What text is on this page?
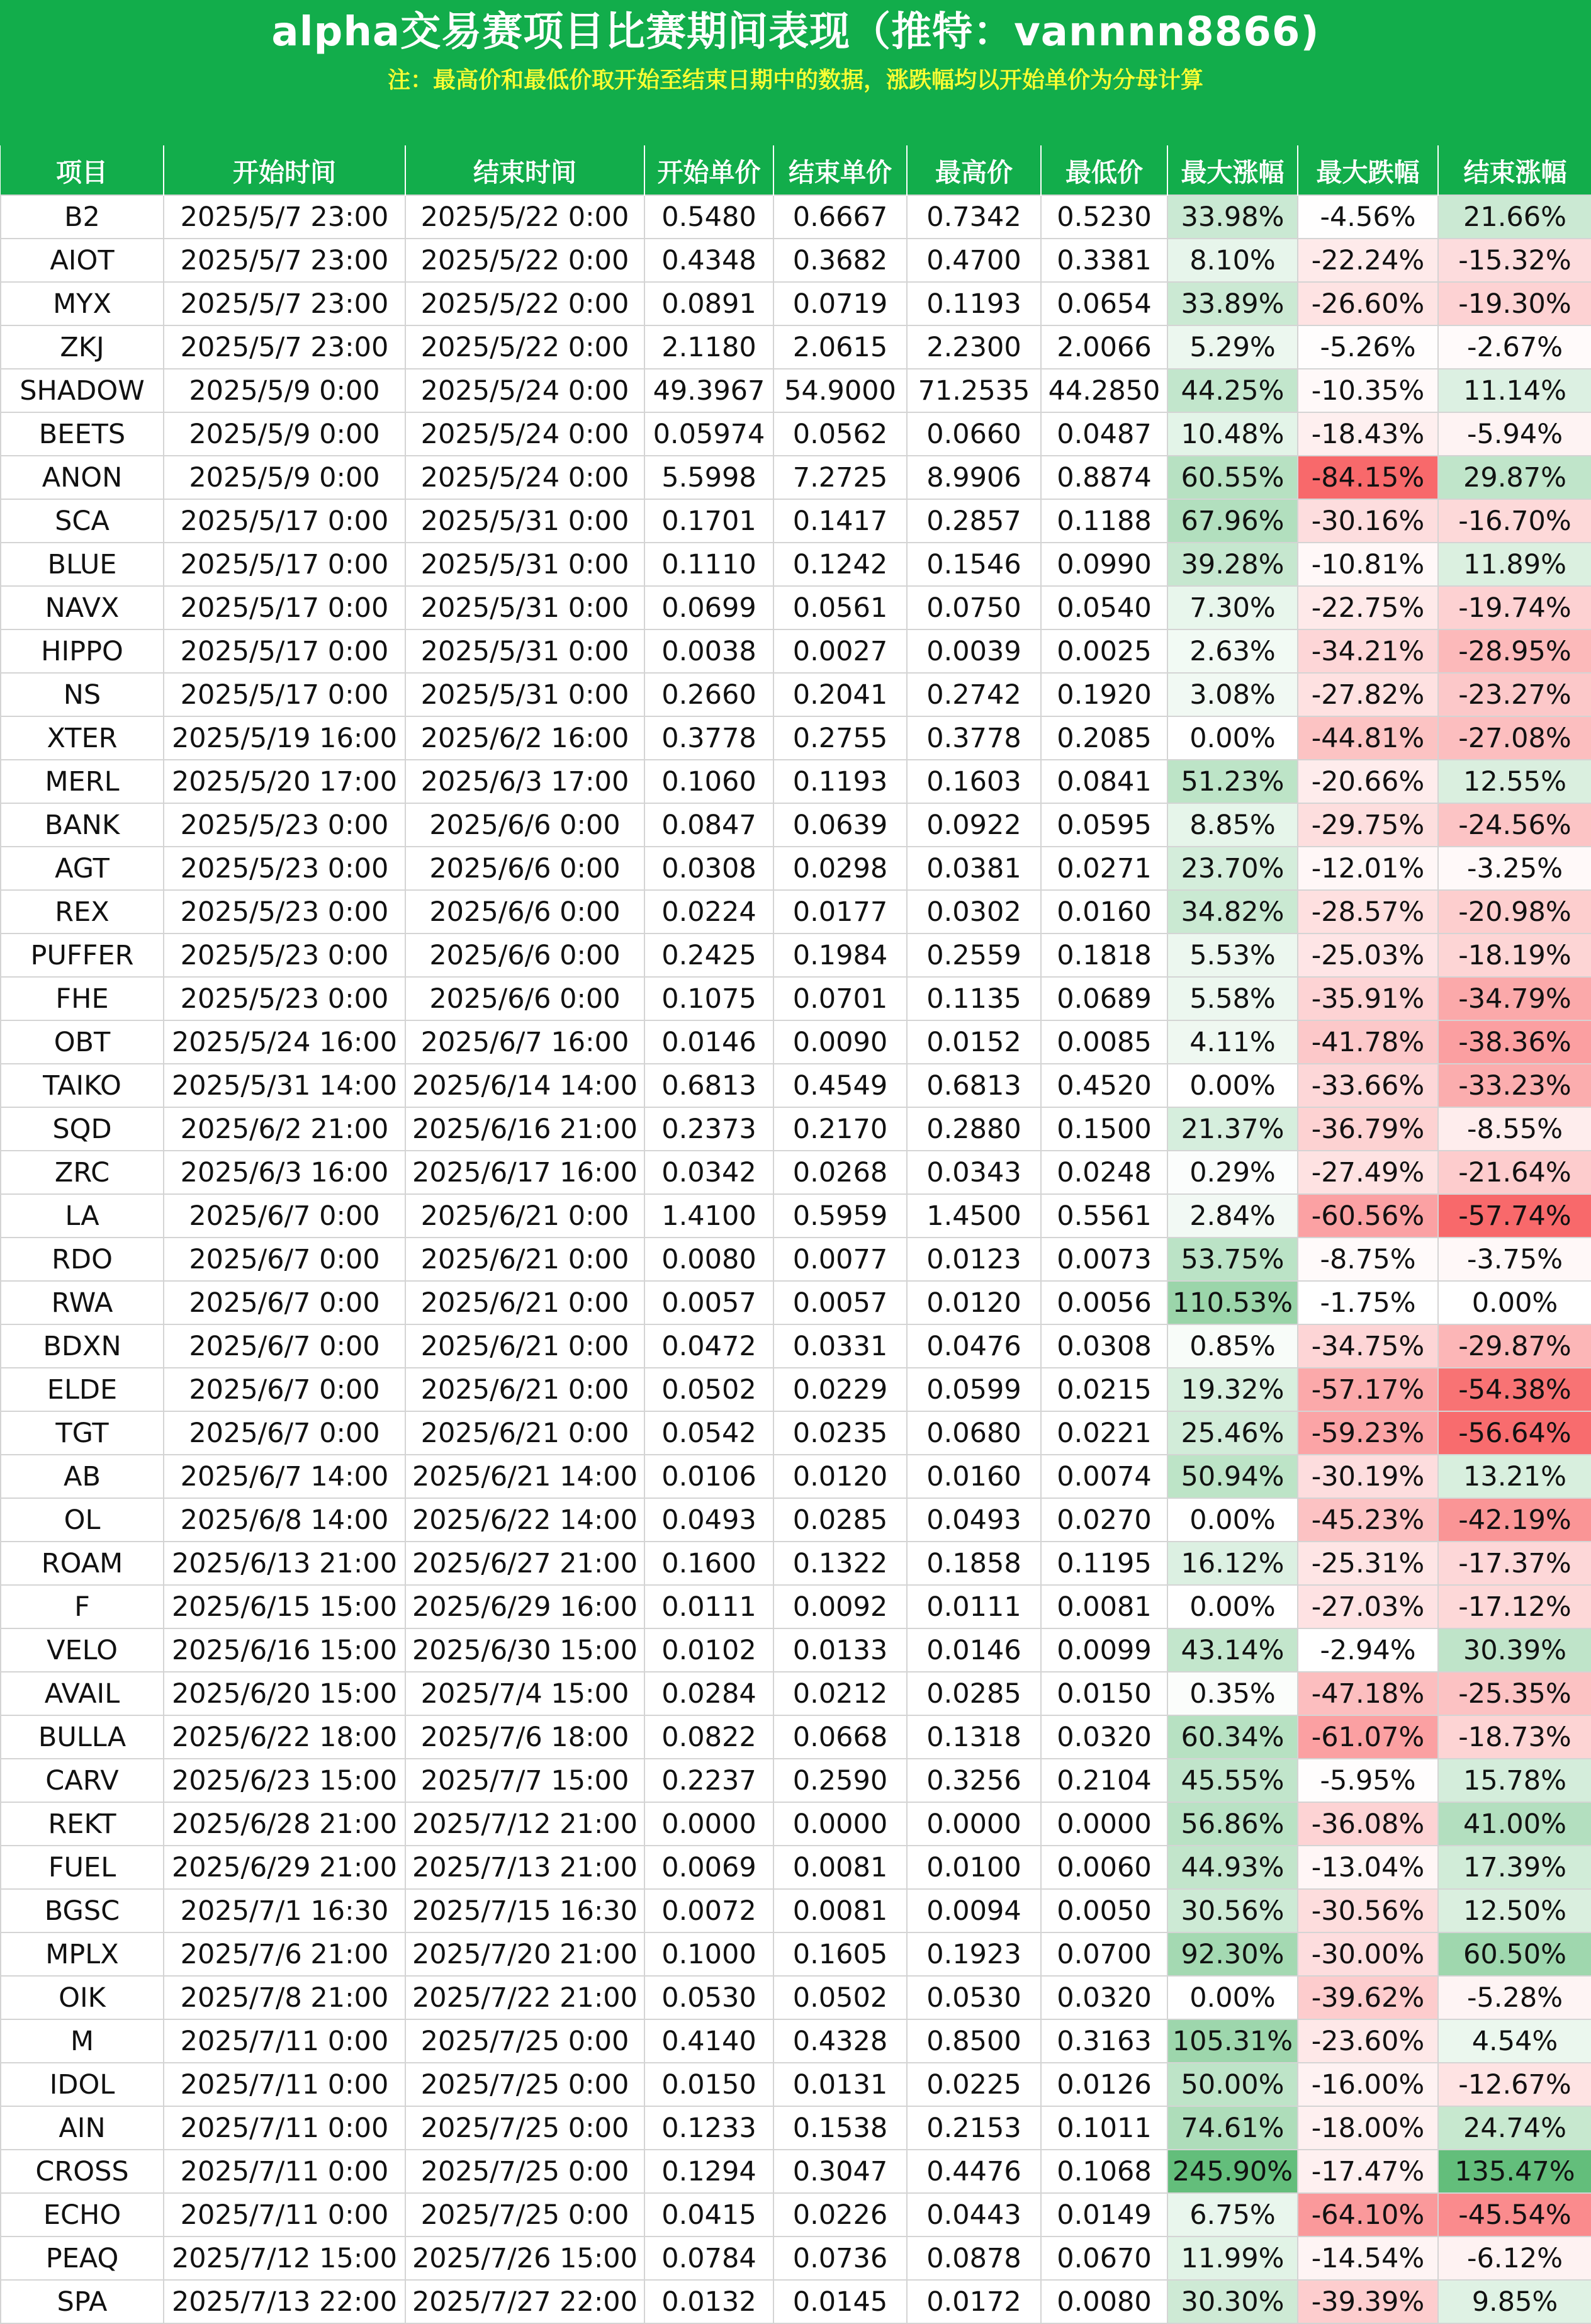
alpha交易赛项目比赛期间表现（推特：vannnn8866)
注：最高价和最低价取开始至结束日期中的数据，涨跌幅均以开始单价为分母计算
项目	开始时间	结束时间	开始单价	结束单价	最高价	最低价	最大涨幅	最大跌幅	结束涨幅
B2	2025/5/7 23:00	2025/5/22 0:00	0.5480	0.6667	0.7342	0.5230	33.98%	-4.56%	21.66%
AIOT	2025/5/7 23:00	2025/5/22 0:00	0.4348	0.3682	0.4700	0.3381	8.10%	-22.24%	-15.32%
MYX	2025/5/7 23:00	2025/5/22 0:00	0.0891	0.0719	0.1193	0.0654	33.89%	-26.60%	-19.30%
ZKJ	2025/5/7 23:00	2025/5/22 0:00	2.1180	2.0615	2.2300	2.0066	5.29%	-5.26%	-2.67%
SHADOW	2025/5/9 0:00	2025/5/24 0:00	49.3967	54.9000	71.2535	44.2850	44.25%	-10.35%	11.14%
BEETS	2025/5/9 0:00	2025/5/24 0:00	0.05974	0.0562	0.0660	0.0487	10.48%	-18.43%	-5.94%
ANON	2025/5/9 0:00	2025/5/24 0:00	5.5998	7.2725	8.9906	0.8874	60.55%	-84.15%	29.87%
SCA	2025/5/17 0:00	2025/5/31 0:00	0.1701	0.1417	0.2857	0.1188	67.96%	-30.16%	-16.70%
BLUE	2025/5/17 0:00	2025/5/31 0:00	0.1110	0.1242	0.1546	0.0990	39.28%	-10.81%	11.89%
NAVX	2025/5/17 0:00	2025/5/31 0:00	0.0699	0.0561	0.0750	0.0540	7.30%	-22.75%	-19.74%
HIPPO	2025/5/17 0:00	2025/5/31 0:00	0.0038	0.0027	0.0039	0.0025	2.63%	-34.21%	-28.95%
NS	2025/5/17 0:00	2025/5/31 0:00	0.2660	0.2041	0.2742	0.1920	3.08%	-27.82%	-23.27%
XTER	2025/5/19 16:00	2025/6/2 16:00	0.3778	0.2755	0.3778	0.2085	0.00%	-44.81%	-27.08%
MERL	2025/5/20 17:00	2025/6/3 17:00	0.1060	0.1193	0.1603	0.0841	51.23%	-20.66%	12.55%
BANK	2025/5/23 0:00	2025/6/6 0:00	0.0847	0.0639	0.0922	0.0595	8.85%	-29.75%	-24.56%
AGT	2025/5/23 0:00	2025/6/6 0:00	0.0308	0.0298	0.0381	0.0271	23.70%	-12.01%	-3.25%
REX	2025/5/23 0:00	2025/6/6 0:00	0.0224	0.0177	0.0302	0.0160	34.82%	-28.57%	-20.98%
PUFFER	2025/5/23 0:00	2025/6/6 0:00	0.2425	0.1984	0.2559	0.1818	5.53%	-25.03%	-18.19%
FHE	2025/5/23 0:00	2025/6/6 0:00	0.1075	0.0701	0.1135	0.0689	5.58%	-35.91%	-34.79%
OBT	2025/5/24 16:00	2025/6/7 16:00	0.0146	0.0090	0.0152	0.0085	4.11%	-41.78%	-38.36%
TAIKO	2025/5/31 14:00	2025/6/14 14:00	0.6813	0.4549	0.6813	0.4520	0.00%	-33.66%	-33.23%
SQD	2025/6/2 21:00	2025/6/16 21:00	0.2373	0.2170	0.2880	0.1500	21.37%	-36.79%	-8.55%
ZRC	2025/6/3 16:00	2025/6/17 16:00	0.0342	0.0268	0.0343	0.0248	0.29%	-27.49%	-21.64%
LA	2025/6/7 0:00	2025/6/21 0:00	1.4100	0.5959	1.4500	0.5561	2.84%	-60.56%	-57.74%
RDO	2025/6/7 0:00	2025/6/21 0:00	0.0080	0.0077	0.0123	0.0073	53.75%	-8.75%	-3.75%
RWA	2025/6/7 0:00	2025/6/21 0:00	0.0057	0.0057	0.0120	0.0056	110.53%	-1.75%	0.00%
BDXN	2025/6/7 0:00	2025/6/21 0:00	0.0472	0.0331	0.0476	0.0308	0.85%	-34.75%	-29.87%
ELDE	2025/6/7 0:00	2025/6/21 0:00	0.0502	0.0229	0.0599	0.0215	19.32%	-57.17%	-54.38%
TGT	2025/6/7 0:00	2025/6/21 0:00	0.0542	0.0235	0.0680	0.0221	25.46%	-59.23%	-56.64%
AB	2025/6/7 14:00	2025/6/21 14:00	0.0106	0.0120	0.0160	0.0074	50.94%	-30.19%	13.21%
OL	2025/6/8 14:00	2025/6/22 14:00	0.0493	0.0285	0.0493	0.0270	0.00%	-45.23%	-42.19%
ROAM	2025/6/13 21:00	2025/6/27 21:00	0.1600	0.1322	0.1858	0.1195	16.12%	-25.31%	-17.37%
F	2025/6/15 15:00	2025/6/29 16:00	0.0111	0.0092	0.0111	0.0081	0.00%	-27.03%	-17.12%
VELO	2025/6/16 15:00	2025/6/30 15:00	0.0102	0.0133	0.0146	0.0099	43.14%	-2.94%	30.39%
AVAIL	2025/6/20 15:00	2025/7/4 15:00	0.0284	0.0212	0.0285	0.0150	0.35%	-47.18%	-25.35%
BULLA	2025/6/22 18:00	2025/7/6 18:00	0.0822	0.0668	0.1318	0.0320	60.34%	-61.07%	-18.73%
CARV	2025/6/23 15:00	2025/7/7 15:00	0.2237	0.2590	0.3256	0.2104	45.55%	-5.95%	15.78%
REKT	2025/6/28 21:00	2025/7/12 21:00	0.0000	0.0000	0.0000	0.0000	56.86%	-36.08%	41.00%
FUEL	2025/6/29 21:00	2025/7/13 21:00	0.0069	0.0081	0.0100	0.0060	44.93%	-13.04%	17.39%
BGSC	2025/7/1 16:30	2025/7/15 16:30	0.0072	0.0081	0.0094	0.0050	30.56%	-30.56%	12.50%
MPLX	2025/7/6 21:00	2025/7/20 21:00	0.1000	0.1605	0.1923	0.0700	92.30%	-30.00%	60.50%
OIK	2025/7/8 21:00	2025/7/22 21:00	0.0530	0.0502	0.0530	0.0320	0.00%	-39.62%	-5.28%
M	2025/7/11 0:00	2025/7/25 0:00	0.4140	0.4328	0.8500	0.3163	105.31%	-23.60%	4.54%
IDOL	2025/7/11 0:00	2025/7/25 0:00	0.0150	0.0131	0.0225	0.0126	50.00%	-16.00%	-12.67%
AIN	2025/7/11 0:00	2025/7/25 0:00	0.1233	0.1538	0.2153	0.1011	74.61%	-18.00%	24.74%
CROSS	2025/7/11 0:00	2025/7/25 0:00	0.1294	0.3047	0.4476	0.1068	245.90%	-17.47%	135.47%
ECHO	2025/7/11 0:00	2025/7/25 0:00	0.0415	0.0226	0.0443	0.0149	6.75%	-64.10%	-45.54%
PEAQ	2025/7/12 15:00	2025/7/26 15:00	0.0784	0.0736	0.0878	0.0670	11.99%	-14.54%	-6.12%
SPA	2025/7/13 22:00	2025/7/27 22:00	0.0132	0.0145	0.0172	0.0080	30.30%	-39.39%	9.85%
